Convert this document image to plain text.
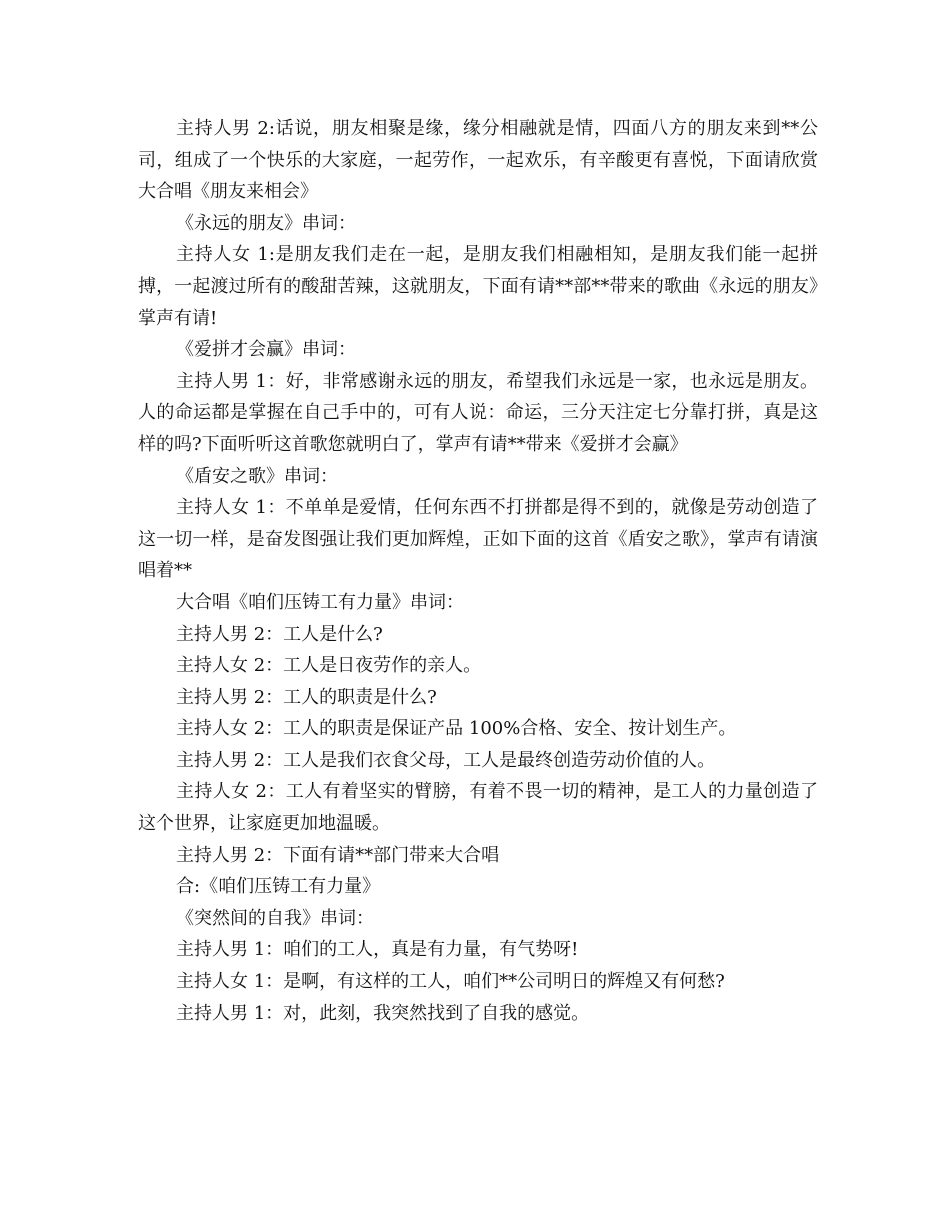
主持人男 2:话说，朋友相聚是缘，缘分相融就是情，四面八方的朋友来到**公司，组成了一个快乐的大家庭，一起劳作，一起欢乐，有辛酸更有喜悦，下面请欣赏大合唱《朋友来相会》

《永远的朋友》串词：

主持人女 1:是朋友我们走在一起，是朋友我们相融相知，是朋友我们能一起拼搏，一起渡过所有的酸甜苦辣，这就朋友，下面有请**部**带来的歌曲《永远的朋友》掌声有请!

《爱拼才会赢》串词：

主持人男 1：好，非常感谢永远的朋友，希望我们永远是一家，也永远是朋友。人的命运都是掌握在自己手中的，可有人说：命运，三分天注定七分靠打拼，真是这样的吗?下面听听这首歌您就明白了，掌声有请**带来《爱拼才会赢》

《盾安之歌》串词：

主持人女 1：不单单是爱情，任何东西不打拼都是得不到的，就像是劳动创造了这一切一样，是奋发图强让我们更加辉煌，正如下面的这首《盾安之歌》，掌声有请演唱着**

大合唱《咱们压铸工有力量》串词：

主持人男 2：工人是什么?

主持人女 2：工人是日夜劳作的亲人。

主持人男 2：工人的职责是什么?

主持人女 2：工人的职责是保证产品 100%合格、安全、按计划生产。

主持人男 2：工人是我们衣食父母，工人是最终创造劳动价值的人。

主持人女 2：工人有着坚实的臂膀，有着不畏一切的精神，是工人的力量创造了这个世界，让家庭更加地温暖。

主持人男 2：下面有请**部门带来大合唱

合:《咱们压铸工有力量》

《突然间的自我》串词：

主持人男 1：咱们的工人，真是有力量，有气势呀!

主持人女 1：是啊，有这样的工人，咱们**公司明日的辉煌又有何愁?

主持人男 1：对，此刻，我突然找到了自我的感觉。
